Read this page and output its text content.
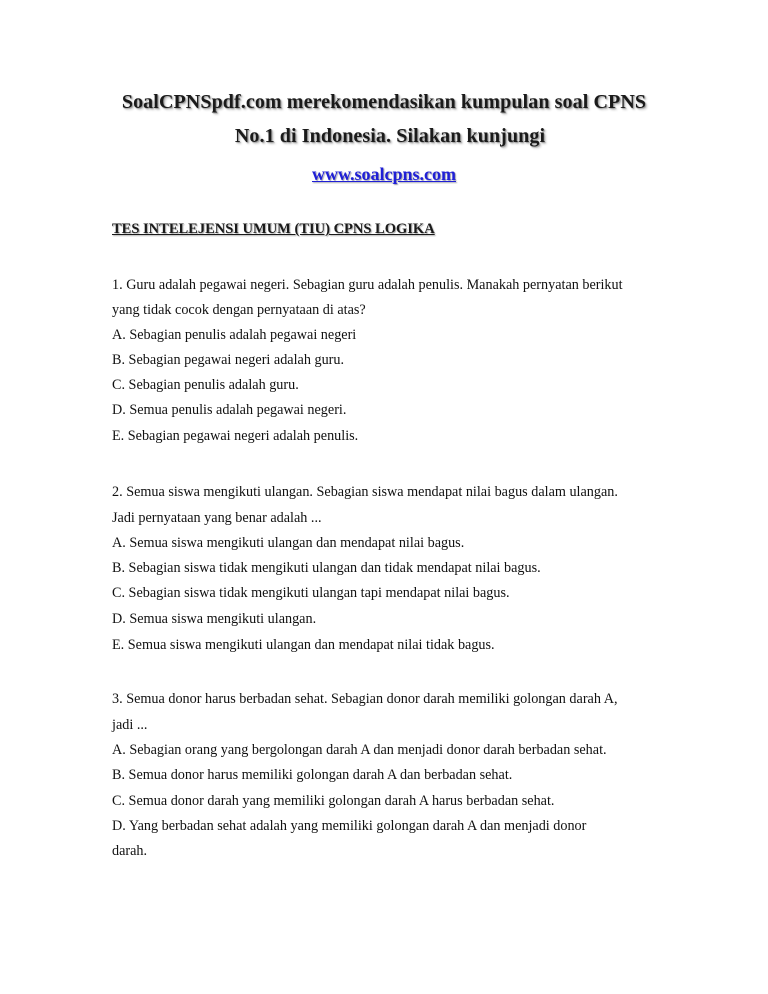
SoalCPNSpdf.com merekomendasikan kumpulan soal CPNS
No.1 di Indonesia. Silakan kunjungi
www.soalcpns.com
TES INTELEJENSI UMUM (TIU) CPNS LOGIKA
1. Guru adalah pegawai negeri. Sebagian guru adalah penulis. Manakah pernyatan berikut
yang tidak cocok dengan pernyataan di atas?
A. Sebagian penulis adalah pegawai negeri
B. Sebagian pegawai negeri adalah guru.
C. Sebagian penulis adalah guru.
D. Semua penulis adalah pegawai negeri.
E. Sebagian pegawai negeri adalah penulis.
2. Semua siswa mengikuti ulangan. Sebagian siswa mendapat nilai bagus dalam ulangan.
Jadi pernyataan yang benar adalah ...
A. Semua siswa mengikuti ulangan dan mendapat nilai bagus.
B. Sebagian siswa tidak mengikuti ulangan dan tidak mendapat nilai bagus.
C. Sebagian siswa tidak mengikuti ulangan tapi mendapat nilai bagus.
D. Semua siswa mengikuti ulangan.
E. Semua siswa mengikuti ulangan dan mendapat nilai tidak bagus.
3. Semua donor harus berbadan sehat. Sebagian donor darah memiliki golongan darah A,
jadi ...
A. Sebagian orang yang bergolongan darah A dan menjadi donor darah berbadan sehat.
B. Semua donor harus memiliki golongan darah A dan berbadan sehat.
C. Semua donor darah yang memiliki golongan darah A harus berbadan sehat.
D. Yang berbadan sehat adalah yang memiliki golongan darah A dan menjadi donor
darah.
